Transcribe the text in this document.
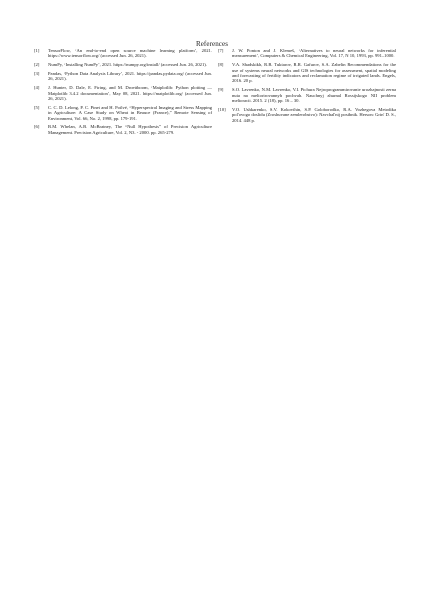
References
[1]	TensorFlow, ‘An end-to-end open source machine learning platform’, 2021. https://www.tensorflow.org/ (accessed Jun. 26, 2021).
[2]	NumPy, ‘Installing NumPy’, 2021. https://numpy.org/install/ (accessed Jun. 26, 2021).
[3]	Pandas, ‘Python Data Analysis Library’, 2021. https://pandas.pydata.org/ (accessed Jun. 26, 2021).
[4]	J. Hunter, D. Dale, E. Firing, and M. Droettboom, ‘Matplotlib: Python plotting — Matplotlib 3.4.2 documentation’, May 08, 2021. https://matplotlib.org/ (accessed Jun. 26, 2021).
[5]	C. C. D. Lelong, P. C. Pinet and H. Poilvé, “Hyperspectral Imaging and Stress Mapping in Agriculture: A Case Study on Wheat in Beauce (France),” Remote Sensing of Environment, Vol. 66, No. 2, 1998, pp. 179-191.
[6]	B.M. Whelan, A.B. McBratney, The “Null Hypothesis” of Precision Agriculture Management. Precision Agriculture, Vol. 2, N3. - 2000. pp. 265-279.
[7]	J. W. Ponton and J. Klemeš, ‘Alternatives to neural networks for inferential measurement’, Computers & Chemical Engineering, Vol. 17, N 10, 1993, pp. 991–1000.
[8]	V.A. Shadskikh, R.B. Tuktarov, R.R. Gafurov, S.A. Zabelin Recommendations for the use of systems neural networks and GIS technologies for assessment, spatial modeling and forecasting of fertility indicators and reclamation regime of irrigated lands. Engels, 2016. 20 p.
[9]	S.O. Lavrenko, N.M. Lavrenko, V.I. Pichura Nejroprogrammirovanie urozhajnosti zerna nuta na meliorirovannyh pochvah. Nauchnyj zhurnal Rossijskogo NII problem melioracii. 2015. 2 (18), pp. 16 – 30.
[10]	V.O. Ushkarenko, S.V. Kokovihin, S.P. Goloborodko, R.A. Vozhegova Metodika pol'ovogo doslidu (Zroshuvane zemlerobstvo): Navchal'nij posibnik. Herson: Grin' D. S., 2014. 448 p.
